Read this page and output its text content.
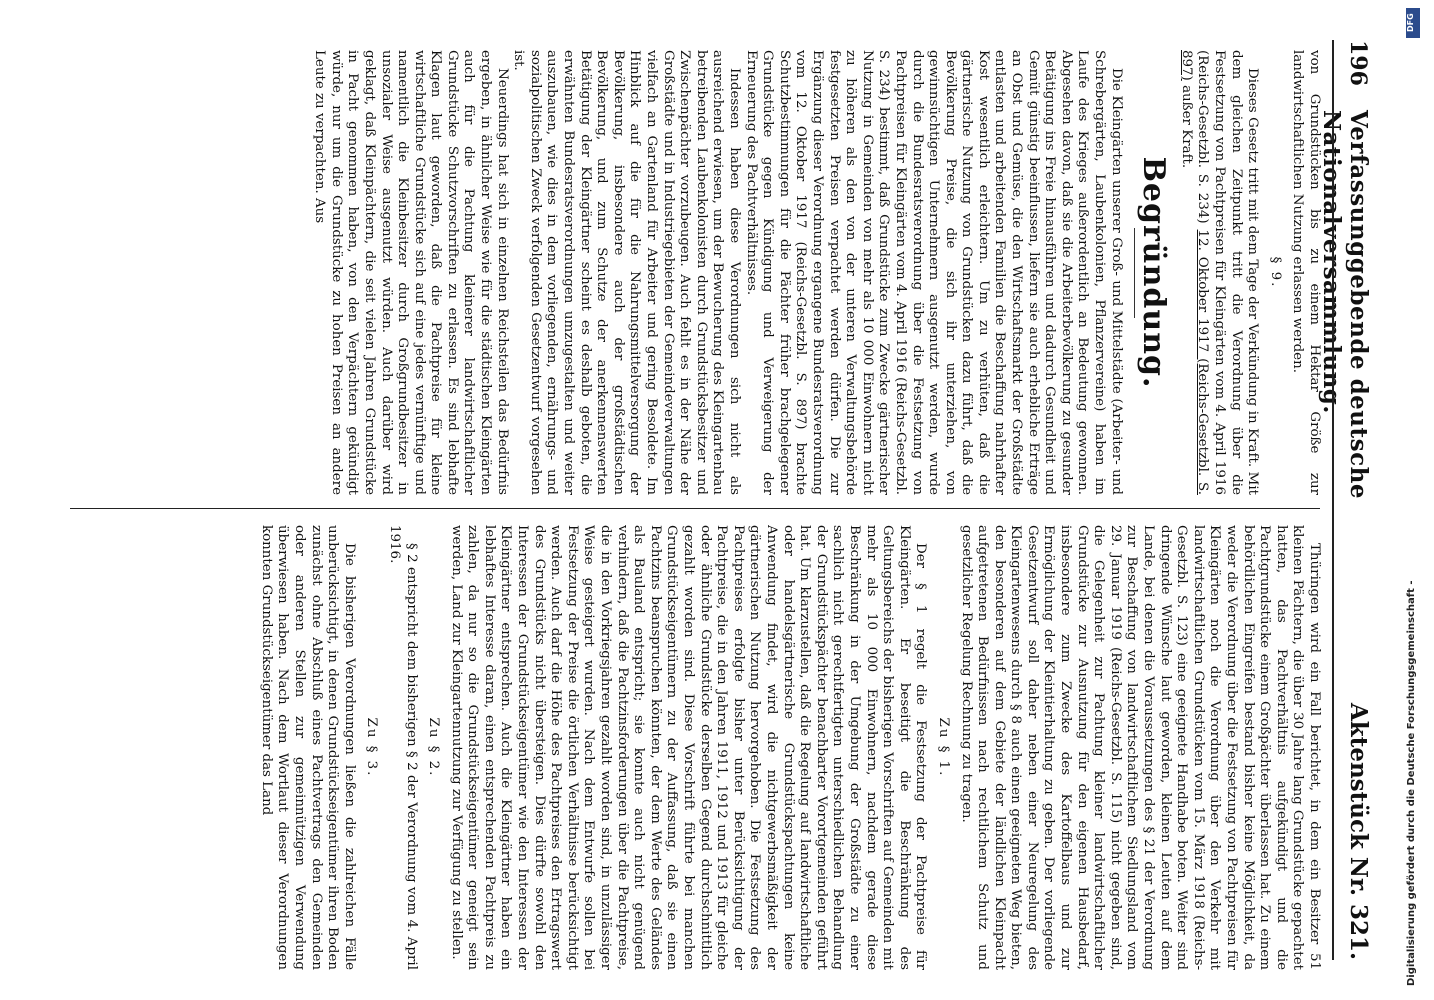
196
Verfassunggebende deutsche Nationalversammlung.
Aktenstück Nr. 321.

von Grundstücken bis zu einem Hektar Größe zur landwirtschaftlichen Nutzung erlassen werden.

§ 9.

Dieses Gesetz tritt mit dem Tage der Verkündung in Kraft. Mit dem gleichen Zeitpunkt tritt die Verordnung über die Festsetzung von Pachtpreisen für Kleingärten vom 4. April 1916 (Reichs-Gesetzbl. S. 234) 12. Oktober 1917 (Reichs-Gesetzbl. S. 897) außer Kraft.

Begründung.

Die Kleingärten unserer Groß- und Mittelstädte (Arbeiter- und Schrebergärten, Laubenkolonien, Pflanzervereine) haben im Laufe des Krieges außerordentlich an Bedeutung gewonnen. Abgesehen davon, daß sie die Arbeiterbevölkerung zu gesunder Betätigung ins Freie hinausführen und dadurch Gesundheit und Gemüt günstig beeinflussen, liefern sie auch erhebliche Erträge an Obst und Gemüse, die den Wirtschaftsmarkt der Großstädte entlasten und arbeitenden Familien die Beschaffung nahrhafter Kost wesentlich erleichtern. Um zu verhüten, daß die gärtnerische Nutzung von Grundstücken dazu führt, daß die Bevölkerung Preise, die sich ihr unterziehen, von gewinnsüchtigen Unternehmern ausgenutzt werden, wurde durch die Bundesratsverordnung über die Festsetzung von Pachtpreisen für Kleingärten vom 4. April 1916 (Reichs-Gesetzbl. S. 234) bestimmt, daß Grundstücke zum Zwecke gärtnerischer Nutzung in Gemeinden von mehr als 10 000 Einwohnern nicht zu höheren als den von der unteren Verwaltungsbehörde festgesetzten Preisen verpachtet werden dürfen. Die zur Ergänzung dieser Verordnung ergangene Bundesratsverordnung vom 12. Oktober 1917 (Reichs-Gesetzbl. S. 897) brachte Schutzbestimmungen für die Pächter früher brachgelegener Grundstücke gegen Kündigung und Verweigerung der Erneuerung des Pachtverhältnisses.

Indessen haben diese Verordnungen sich nicht als ausreichend erwiesen, um der Bewucherung des Kleingartenbau betreibenden Laubenkolonisten durch Grundstücksbesitzer und Zwischenpächter vorzubeugen. Auch fehlt es in der Nähe der Großstädte und in Industriegebieten der Gemeindeverwaltungen vielfach an Gartenland für Arbeiter und gering Besoldete. Im Hinblick auf die für die Nahrungsmittelversorgung der Bevölkerung, insbesondere auch der großstädtischen Bevölkerung, und zum Schutze der anerkennenswerten Betätigung der Kleingärtner scheint es deshalb geboten, die erwähnten Bundesratsverordnungen umzugestalten und weiter auszubauen, wie dies in dem vorliegenden, ernährungs- und sozialpolitischen Zweck verfolgenden Gesetzentwurf vorgesehen ist.

Neuerdings hat sich in einzelnen Reichsteilen das Bedürfnis ergeben, in ähnlicher Weise wie für die städtischen Kleingärten auch für die Pachtung kleinerer landwirtschaftlicher Grundstücke Schutzvorschriften zu erlassen. Es sind lebhafte Klagen laut geworden, daß die Pachtpreise für kleine wirtschaftliche Grundstücke sich auf eine jedes vernünftige und namentlich die Kleinbesitzer durch Großgrundbesitzer in unsozialer Weise ausgenutzt würden. Auch darüber wird geklagt, daß Kleinpächtern, die seit vielen Jahren Grundstücke in Pacht genommen haben, von den Verpächtern gekündigt würde, nur um die Grundstücke zu hohen Preisen an andere Leute zu verpachten. Aus

Thüringen wird ein Fall berichtet, in dem ein Besitzer 51 kleinen Pächtern, die über 30 Jahre lang Grundstücke gepachtet hatten, das Pachtverhältnis aufgekündigt und die Pachtgrundstücke einem Großpächter überlassen hat. Zu einem behördlichen Eingreifen bestand bisher keine Möglichkeit, da weder die Verordnung über die Festsetzung von Pachtpreisen für Kleingärten noch die Verordnung über den Verkehr mit landwirtschaftlichen Grundstücken vom 15. März 1918 (Reichs-Gesetzbl. S. 123) eine geeignete Handhabe boten. Weiter sind dringende Wünsche laut geworden, kleinen Leuten auf dem Lande, bei denen die Voraussetzungen des § 21 der Verordnung zur Beschaffung von landwirtschaftlichem Siedlungsland vom 29. Januar 1919 (Reichs-Gesetzbl. S. 115) nicht gegeben sind, die Gelegenheit zur Pachtung kleiner landwirtschaftlicher Grundstücke zur Ausnutzung für den eigenen Hausbedarf, insbesondere zum Zwecke des Kartoffelbaus und zur Ermöglichung der Kleintierhaltung zu geben. Der vorliegende Gesetzentwurf soll daher neben einer Neuregelung des Kleingartenwesens durch § 8 auch einen geeigneten Weg bieten, den besonderen auf dem Gebiete der ländlichen Kleinpacht aufgetretenen Bedürfnissen nach rechtlichem Schutz und gesetzlicher Regelung Rechnung zu tragen.

Zu § 1.

Der § 1 regelt die Festsetzung der Pachtpreise für Kleingärten. Er beseitigt die Beschränkung des Geltungsbereichs der bisherigen Vorschriften auf Gemeinden mit mehr als 10 000 Einwohnern, nachdem gerade diese Beschränkung in der Umgebung der Großstädte zu einer sachlich nicht gerechtfertigten unterschiedlichen Behandlung der Grundstückspächter benachbarter Vorortgemeinden geführt hat. Um klarzustellen, daß die Regelung auf landwirtschaftliche oder handelsgärtnerische Grundstückspachtungen keine Anwendung findet, wird die nichtgewerbsmäßigkeit der gärtnerischen Nutzung hervorgehoben. Die Festsetzung des Pachtpreises erfolgte bisher unter Berücksichtigung der Pachtpreise, die in den Jahren 1911, 1912 und 1913 für gleiche oder ähnliche Grundstücke derselben Gegend durchschnittlich gezahlt worden sind. Diese Vorschrift führte bei manchen Grundstückseigentümern zu der Auffassung, daß sie einen Pachtzins beanspruchen könnten, der dem Werte des Geländes als Bauland entspricht; sie konnte auch nicht genügend verhindern, daß die Pachtzinsforderungen über die Pachtpreise, die in den Vorkriegsjahren gezahlt worden sind, in unzulässiger Weise gesteigert wurden. Nach dem Entwurfe sollen bei Festsetzung der Preise die örtlichen Verhältnisse berücksichtigt werden. Auch darf die Höhe des Pachtpreises den Ertragswert des Grundstücks nicht übersteigen. Dies dürfte sowohl den Interessen der Grundstückseigentümer wie den Interessen der Kleingärtner entsprechen. Auch die Kleingärtner haben ein lebhaftes Interesse daran, einen entsprechenden Pachtpreis zu zahlen, da nur so die Grundstückseigentümer geneigt sein werden, Land zur Kleingartennutzung zur Verfügung zu stellen.

Zu § 2.

§ 2 entspricht dem bisherigen § 2 der Verordnung vom 4. April 1916.

Zu § 3.

Die bisherigen Verordnungen ließen die zahlreichen Fälle unberücksichtigt, in denen Grundstückseigentümer ihren Boden zunächst ohne Abschluß eines Pachtvertrags den Gemeinden oder anderen Stellen zur gemeinnützigen Verwendung überwiesen haben. Nach dem Wortlaut dieser Verordnungen konnten Grundstückseigentümer das Land

DFG
Digitalisierung gefördert durch die Deutsche Forschungsgemeinschaft -
